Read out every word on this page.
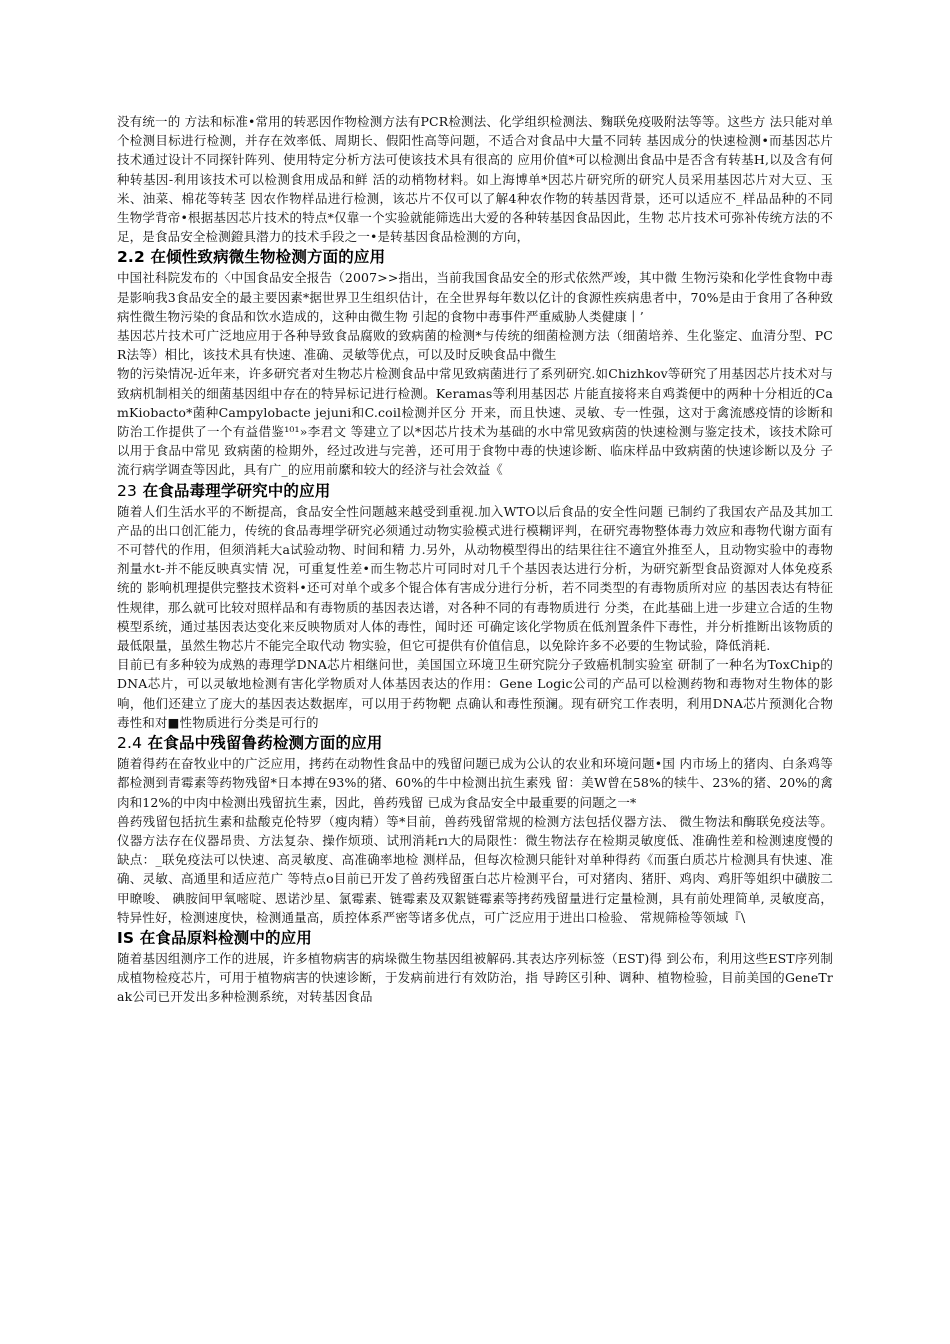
没有统一的 方法和标准•常用的转恶因作物检测方法有PCR检测法、化学组织检测法、麴联免疫吸附法等等。这些方 法只能对单个检测目标进行检测，并存在效率低、周期长、假阳性高等问题，不适合对食品中大量不同转 基因成分的快速检测•而基因芯片技术通过设计不同探针阵列、使用特定分析方法可使该技术具有很高的 应用价值*可以检测出食品中是否含有转基H,以及含有何种转基因-利用该技术可以检测食用成品和鲜 活的动梢物材料。如上海博单*因芯片研究所的研究人员采用基因芯片对大豆、玉米、油菜、棉花等转茎 因农作物样品进行检测，该芯片不仅可以了解4种农作物的转基因背景，还可以适应不_样品品种的不同 生物学背帝•根据基因芯片技术的特点*仅靠一个实验就能筛选出大爱的各种转基因食品因此，生物 芯片技术可弥补传统方法的不足，是食品安全检测鐙具潜力的技术手段之一•是转基因食品检测的方向，

2.2 在倾性致病微生物检测方面的应用

中国社科院发布的〈中国食品安全报告（2007>>指出，当前我国食品安全的形式依然严竣，其中微 生物污染和化学性食物中毒是影响我3食品安全的最主要因素*据世界卫生组织估计，在全世界每年数以亿计的食源性疾病患者中，70%是由于食用了各种致病性微生物污染的食品和饮水造成的，这种由微生物 引起的食物中毒事件严重威胁人类健康丨’

基因芯片技术可广泛地应用于各种导致食品腐败的致病菌的检测*与传统的细菌检测方法（细菌培养、生化鉴定、血清分型、PCR法等）相比，该技术具有快速、准确、灵敏等优点，可以及时反映食品中微生

物的污染情况-近年来，许多研究者对生物芯片检测食品中常见致病菌进行了系列研究.如Chizhkov等研究了用基因芯片技术对与致病机制相关的细菌基因组中存在的特异标记进行检测。Keramas等利用基因芯 片能直接将来自鸡粪便中的两种十分相近的CamKiobacto*菌种Campylobacte jejuni和C.coil检测并区分 开来，而且快速、灵敏、专一性强，这对于禽流感疫情的诊断和防治工作提供了一个有益借鉴¹⁰¹»李君文 等建立了以*因芯片技术为基础的水中常见致病茵的快速检测与鉴定技术，该技术除可以用于食品中常见 致病菌的检期外，经过改进与完善，还可用于食物中毒的快速诊断、临床样品中致病菌的快速诊断以及分 子流行病学调查等因此，具有广_的应用前縻和较大的经济与社会效益《

23 在食品毒理学研究中的应用

随着人们生活水平的不断提高，食品安全性问题越来越受到重视.加入WTO以后食品的安全性问题 已制约了我国农产品及其加工产品的出口创汇能力，传统的食品毒埋学研究必须通过动物实验模式进行模糊评判，在研究毒物整体毒力效应和毒物代谢方面有不可替代的作用，但须消耗大a试验动物、时间和精 力.另外，从动物模型得出的结果往往不適宜外推至人，且动物实验中的毒物剂量水t-并不能反映真实情 况，可重复性差•而生物芯片可同时对几千个基因表达进行分析，为研究新型食品资源对人体免疫系统的 影响机理提供完整技术资料•还可对单个或多个锟合体有害成分进行分析，若不同类型的有毒物质所对应 的基因表达有特征性规律，那么就可比较对照样品和有毒物质的基因表达谱，对各种不同的有毒物质进行 分类，在此基础上进一步建立合适的生物模型系统，通过基因表达变化来反映物质对人体的毒性，闻时还 可确定该化学物质在低剂置条件下毒性，并分析推断出该物质的最低限量，虽然生物芯片不能完全取代动 物实验，但它可提供有价值信息，以免除许多不必要的生物试验，降低消耗.

目前已有多种较为成熟的毒理学DNA芯片相继问世，美国国立环境卫生研究院分子致癌机制实验室 研制了一种名为ToxChip的DNA芯片，可以灵敏地检测有害化学物质对人体基因表达的作用：Gene Logic公司的产品可以检测药物和毒物对生物体的影响，他们还建立了庞大的基因表达数据库，可以用于药物靶 点确认和毒性预澜。现有研究工作表明，利用DNA芯片预测化合物毒性和对■性物质进行分类是可行的

2.4 在食品中残留鲁药检测方面的应用

随着得药在奋牧业中的广泛应用，拷药在动物性食品中的残留问题已成为公认的农业和环境问题•国 内市场上的猪肉、白条鸡等都检测到青霉素等药物残留*日本搏在93%的猪、60%的牛中检测出抗生素残 留：美W曾在58%的犊牛、23%的猪、20%的禽肉和12%的中肉中检测出残留抗生素，因此，兽药残留 已成为食品安全中最重要的问题之一*

兽药残留包括抗生素和盐酸克伦特罗（瘦肉精）等*目前，兽药残留常规的检测方法包括仪器方法、 微生物法和酶联免疫法等。仪器方法存在仪器昂贵、方法复杂、操作烦琐、试刑消耗rı大的局限性：微生物法存在检期灵敏度低、准确性差和检测速度慢的缺点：_联免疫法可以快速、高灵敏度、高准确率地检 测样品，但每次检测只能针对单种得药《而蛋白质芯片检测具有快速、准确、灵敏、高通里和适应范广 等特点o目前已开发了兽药残留蛋白芯片检测平台，可对猪肉、猪肝、鸡肉、鸡肝等姐织中磺胺二甲暸唆、 碘胺间甲氧嘧啶、恩诺沙星、氯霉素、链霉素及双絮链霉素等拷药残留量进行定量检测，具有前处理简单, 灵敏度高，特异性好，检测速度快，检测通量高，质控体系严密等诸多优点，可广泛应用于进出口检验、 常规筛检等领域『\

IS 在食品原料检测中的应用

随着基因组测序工作的进展，许多植物病害的病垛微生物基因组被解码.其表达序列标签（EST)得 到公布，利用这些EST序列制成植物检疫芯片，可用于植物病害的快速诊断，于发病前进行有效防治，指 导跨区引种、调种、植物检验，目前美国的GeneTrak公司已开发出多种检测系统，对转基因食品
